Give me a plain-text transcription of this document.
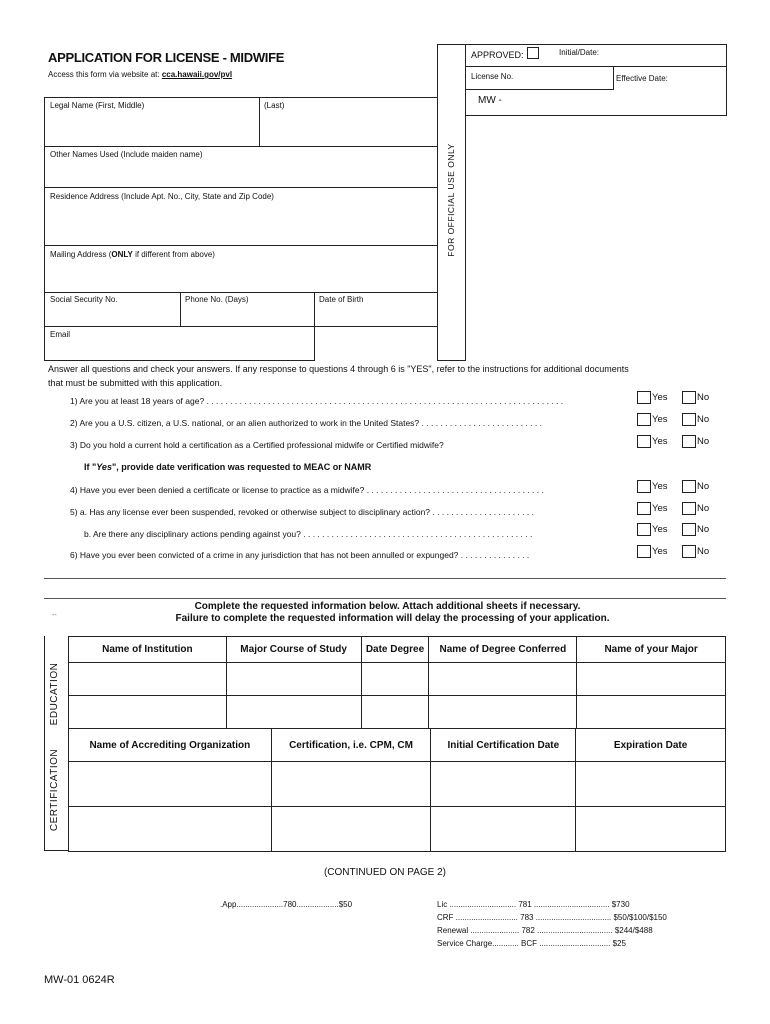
APPLICATION FOR LICENSE - MIDWIFE
Access this form via website at: cca.hawaii.gov/pvl
APPROVED:	Initial/Date:
License No.	Effective Date:
MW -
FOR OFFICIAL USE ONLY
Legal Name (First, Middle)	(Last)
Other Names Used (Include maiden name)
Residence Address (Include Apt. No., City, State and Zip Code)
Mailing Address (ONLY if different from above)
Social Security No.	Phone No. (Days)	Date of Birth
Email
Answer all questions and check your answers. If any response to questions 4 through 6 is "YES", refer to the instructions for additional documents
that must be submitted with this application.
1) Are you at least 18 years of age? . . . . . . . . . . . . . . . . . . . . . . . . . . . . . . . . . . . . . . . . . . . . . . . . . . . . . . . . . . . . . . . . . . . . . . . . . . . .
2) Are you a U.S. citizen, a U.S. national, or an alien authorized to work in the United States? . . . . . . . . . . . . . . . . . . . . . . . . . .
3) Do you hold a current hold a certification as a Certified professional midwife or Certified midwife?
If "Yes", provide date verification was requested to MEAC or NAMR
4) Have you ever been denied a certificate or license to practice as a midwife? . . . . . . . . . . . . . . . . . . . . . . . . . . . . . . . . . . . . . .
5) a. Has any license ever been suspended, revoked or otherwise subject to disciplinary action? . . . . . . . . . . . . . . . . . . . . . .
b. Are there any disciplinary actions pending against you? . . . . . . . . . . . . . . . . . . . . . . . . . . . . . . . . . . . . . . . . . . . . . . . . .
6) Have you ever been convicted of a crime in any jurisdiction that has not been annulled or expunged? . . . . . . . . . . . . . . .
Yes	No
Yes	No
Yes	No
Yes	No
Yes	No
Yes	No
Yes	No
Complete the requested information below. Attach additional sheets if necessary.
Failure to complete the requested information will delay the processing of your application.
--
EDUCATION
Name of Institution	Major Course of Study	Date Degree	Name of Degree Conferred	Name of your Major

CERTIFICATION
Name of Accrediting Organization	Certification, i.e. CPM, CM	Initial Certification Date	Expiration Date

(CONTINUED ON PAGE 2)
.App.....................780...................$50	Lic .............................. 781 .................................. $730
CRF ............................ 783 .................................. $50/$100/$150
Renewal ...................... 782 .................................. $244/$488
Service Charge............ BCF ................................ $25
MW-01 0624R
